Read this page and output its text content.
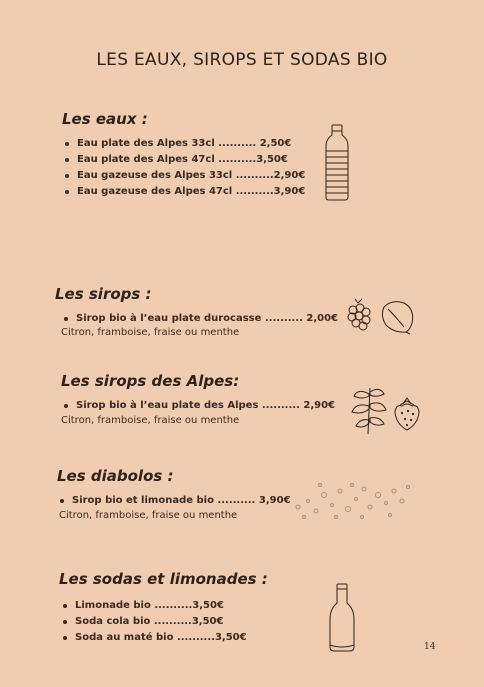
LES EAUX, SIROPS ET SODAS BIO
Les eaux :
Eau plate des Alpes 33cl .......... 2,50€
Eau plate des Alpes 47cl ..........3,50€
Eau gazeuse des Alpes 33cl ..........2,90€
Eau gazeuse des Alpes 47cl ..........3,90€
Les sirops :
Sirop bio à l’eau plate durocasse .......... 2,00€
Citron, framboise, fraise ou menthe
Les sirops des Alpes:
Sirop bio à l’eau plate des Alpes .......... 2,90€
Citron, framboise, fraise ou menthe
Les diabolos :
Sirop bio et limonade bio .......... 3,90€
Citron, framboise, fraise ou menthe
Les sodas et limonades :
Limonade bio ..........3,50€
Soda cola bio ..........3,50€
Soda au maté bio ..........3,50€
14
